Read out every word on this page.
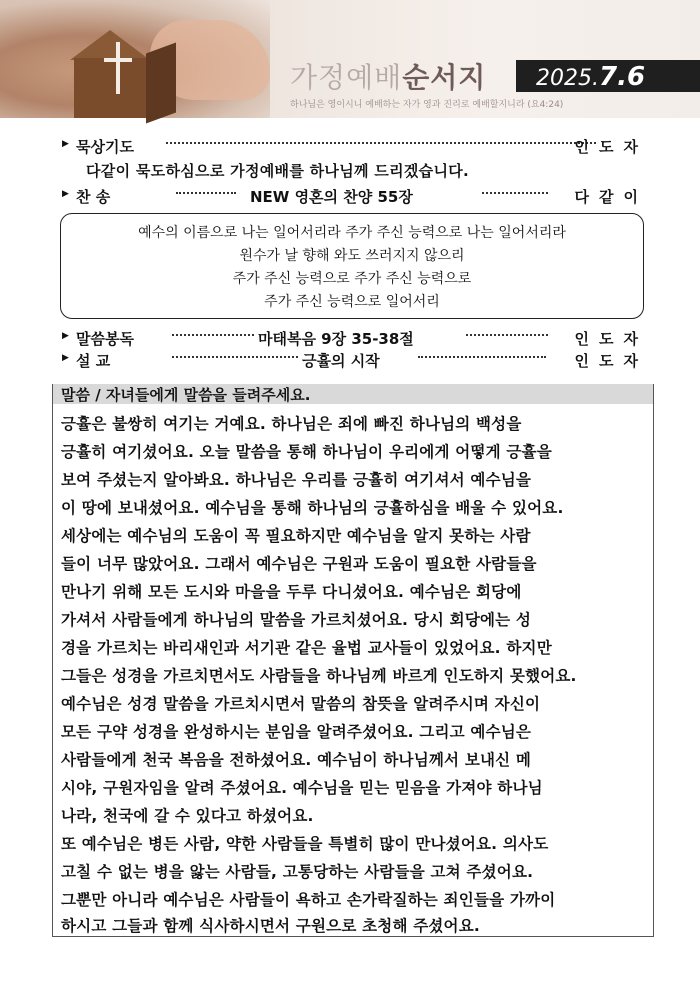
가정예배순서지 2025.7.6
하나님은 영이시니 예배하는 자가 영과 진리로 예배할지니라 (요4:24)
▶ 묵상기도	인도자
다같이 묵도하심으로 가정예배를 하나님께 드리겠습니다.
▶ 찬 송	NEW 영혼의 찬양 55장	다같이
예수의 이름으로 나는 일어서리라 주가 주신 능력으로 나는 일어서리라
원수가 날 향해 와도 쓰러지지 않으리
주가 주신 능력으로 주가 주신 능력으로
주가 주신 능력으로 일어서리
▶ 말씀봉독	마태복음 9장 35-38절	인도자
▶ 설 교	긍휼의 시작	인도자
말씀 / 자녀들에게 말씀을 들려주세요.
긍휼은 불쌍히 여기는 거예요. 하나님은 죄에 빠진 하나님의 백성을
긍휼히 여기셨어요. 오늘 말씀을 통해 하나님이 우리에게 어떻게 긍휼을
보여 주셨는지 알아봐요. 하나님은 우리를 긍휼히 여기셔서 예수님을
이 땅에 보내셨어요. 예수님을 통해 하나님의 긍휼하심을 배울 수 있어요.
세상에는 예수님의 도움이 꼭 필요하지만 예수님을 알지 못하는 사람
들이 너무 많았어요. 그래서 예수님은 구원과 도움이 필요한 사람들을
만나기 위해 모든 도시와 마을을 두루 다니셨어요. 예수님은 회당에
가셔서 사람들에게 하나님의 말씀을 가르치셨어요. 당시 회당에는 성
경을 가르치는 바리새인과 서기관 같은 율법 교사들이 있었어요. 하지만
그들은 성경을 가르치면서도 사람들을 하나님께 바르게 인도하지 못했어요.
예수님은 성경 말씀을 가르치시면서 말씀의 참뜻을 알려주시며 자신이
모든 구약 성경을 완성하시는 분임을 알려주셨어요. 그리고 예수님은
사람들에게 천국 복음을 전하셨어요. 예수님이 하나님께서 보내신 메
시야, 구원자임을 알려 주셨어요. 예수님을 믿는 믿음을 가져야 하나님
나라, 천국에 갈 수 있다고 하셨어요.
또 예수님은 병든 사람, 약한 사람들을 특별히 많이 만나셨어요. 의사도
고칠 수 없는 병을 앓는 사람들, 고통당하는 사람들을 고쳐 주셨어요.
그뿐만 아니라 예수님은 사람들이 욕하고 손가락질하는 죄인들을 가까이
하시고 그들과 함께 식사하시면서 구원으로 초청해 주셨어요.
